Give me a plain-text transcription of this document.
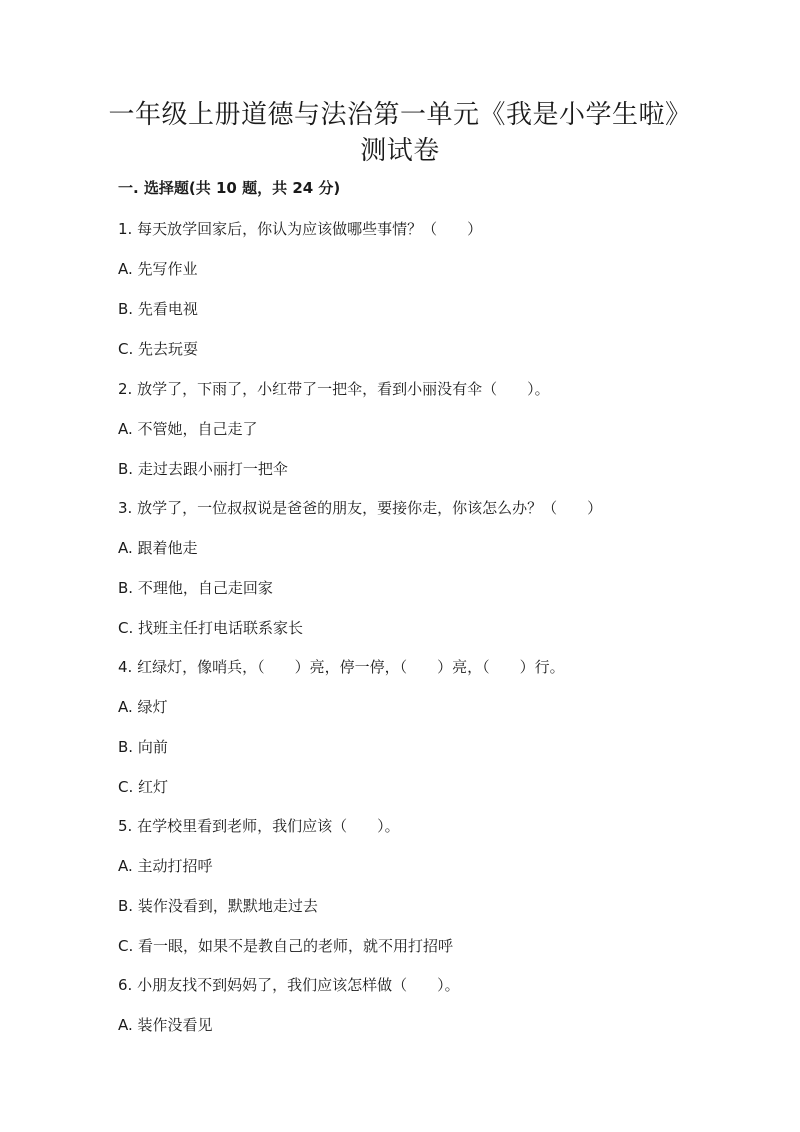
一年级上册道德与法治第一单元《我是小学生啦》
测试卷
一. 选择题(共 10 题，共 24 分)
1. 每天放学回家后，你认为应该做哪些事情？（　　）
A. 先写作业
B. 先看电视
C. 先去玩耍
2. 放学了，下雨了，小红带了一把伞，看到小丽没有伞（　　）。
A. 不管她，自己走了
B. 走过去跟小丽打一把伞
3. 放学了，一位叔叔说是爸爸的朋友，要接你走，你该怎么办？（　　）
A. 跟着他走
B. 不理他，自己走回家
C. 找班主任打电话联系家长
4. 红绿灯，像哨兵，（　　）亮，停一停，（　　）亮，（　　）行。
A. 绿灯
B. 向前
C. 红灯
5. 在学校里看到老师，我们应该（　　）。
A. 主动打招呼
B. 装作没看到，默默地走过去
C. 看一眼，如果不是教自己的老师，就不用打招呼
6. 小朋友找不到妈妈了，我们应该怎样做（　　）。
A. 装作没看见
